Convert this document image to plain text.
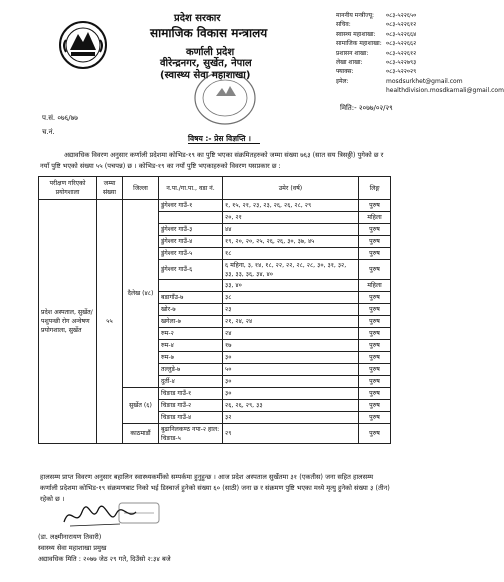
प्रदेश सरकार
सामाजिक विकास मन्त्रालय
कर्णाली प्रदेश
वीरेन्द्रनगर, सुर्खेत, नेपाल
(स्वास्थ्य सेवा महाशाखा)
माननीय मन्त्रीज्यू: ०८३-५२२६५०
सचिव:	०८३-५२२६१२
स्वास्थ्य महाशाखा: ०८३-५२२६६४
सामाजिक महाशाखा: ०८३-५२२६६२
प्रशासन शाखा:	०८३-५२२६१२
लेखा शाखा:	०८३-५२२७९३
फ्याक्स:	०८३-५२२०२९
इमेल:	mosdsurkhet@gmail.com
healthdivision.mosdkarnali@gmail.com
मिति:- २०७७/०२/२९
प.सं. ०७६/७७
च.नं.
विषय :- प्रेस विज्ञप्ति ।
अद्यावधिक विवरण अनुसार कर्णाली प्रदेशमा कोभिड-१९ का पुष्टि भएका संक्रमितहरुको जम्मा संख्या ७६३ (सात सय त्रिसठ्ठी) पुगेको छ र नयाँ पुष्टि भएको संख्या ५५ (पचपन्न) छ । कोभिड-१९ का नयाँ पुष्टि भएकाहरुको विवरण यसप्रकार छ :
परीक्षण गरिएको प्रयोगशाला	जम्मा संख्या	जिल्ला	न.पा./गा.पा., वडा नं.	उमेर (वर्ष)	लिङ्ग
प्रदेश अस्पताल, सुर्खेत/ पशुपन्छी रोग अन्वेषण प्रयोगशाला, सुर्खेत	५५	दैलेख (४८)	डुंगेश्वर गाउँ-१	१, १५, २१, २३, २३, २६, २६, २८, २९	पुरुष
				२०, २१	महिला
			डुंगेश्वर गाउँ-३	४४	पुरुष
			डुंगेश्वर गाउँ-४	१९, २०, २०, २५, २६, २६, ३०, ३७, ४५	पुरुष
			डुंगेश्वर गाउँ-५	१८	पुरुष
			डुंगेश्वर गाउँ-६	६ महिना, ३, १४, १८, २२, २२, २८, २८, ३०, ३१, ३२, ३३, ३३, ३६, ३४, ४०	पुरुष
				३३, ४०	महिला
			बडागाँउ-७	३८	पुरुष
			खोर-७	२३	पुरुष
			खगेला-७	२१, २४, २४	पुरुष
			रुम-२	२४	पुरुष
			रुम-४	१७	पुरुष
			रुम-७	३०	पुरुष
			तल्लुडे-७	५०	पुरुष
			दुर्ती-४	३०	पुरुष
		सुर्खेत (६)	चिङाड गाउँ-१	३०	पुरुष
			चिङाड गाउँ-२	२६, २६, २९, ३३	पुरुष
			चिङाड गाउँ-४	३२	पुरुष
		काठमाडौं	बुढानिलकण्ठ नपा-२ हाल: चिङाड-५	२९	पुरुष
हालसम्म प्राप्त विवरण अनुसार बहालिन स्वास्थ्यकर्मीको सम्पर्कमा हुनुहुन्छ । आज प्रदेश अस्पताल सुर्खेतमा ३१ (एकतीस) जना सहित हालसम्म कर्णाली प्रदेशमा कोभिड-१९ संक्रमणबाट निको भई डिस्चार्ज हुनेको संख्या ६० (साठी) जना छ र संक्रमण पुष्टि भएका मध्ये मृत्यु हुनेको संख्या ३ (तीन) रहेको छ ।
(डा. लक्ष्मीनारायण तिवारी)
स्वास्थ्य सेवा महाशाखा प्रमुख
अद्यावधिक मिति : २०७७ जेठ २९ गते, दिउँसो २:३४ बजे
